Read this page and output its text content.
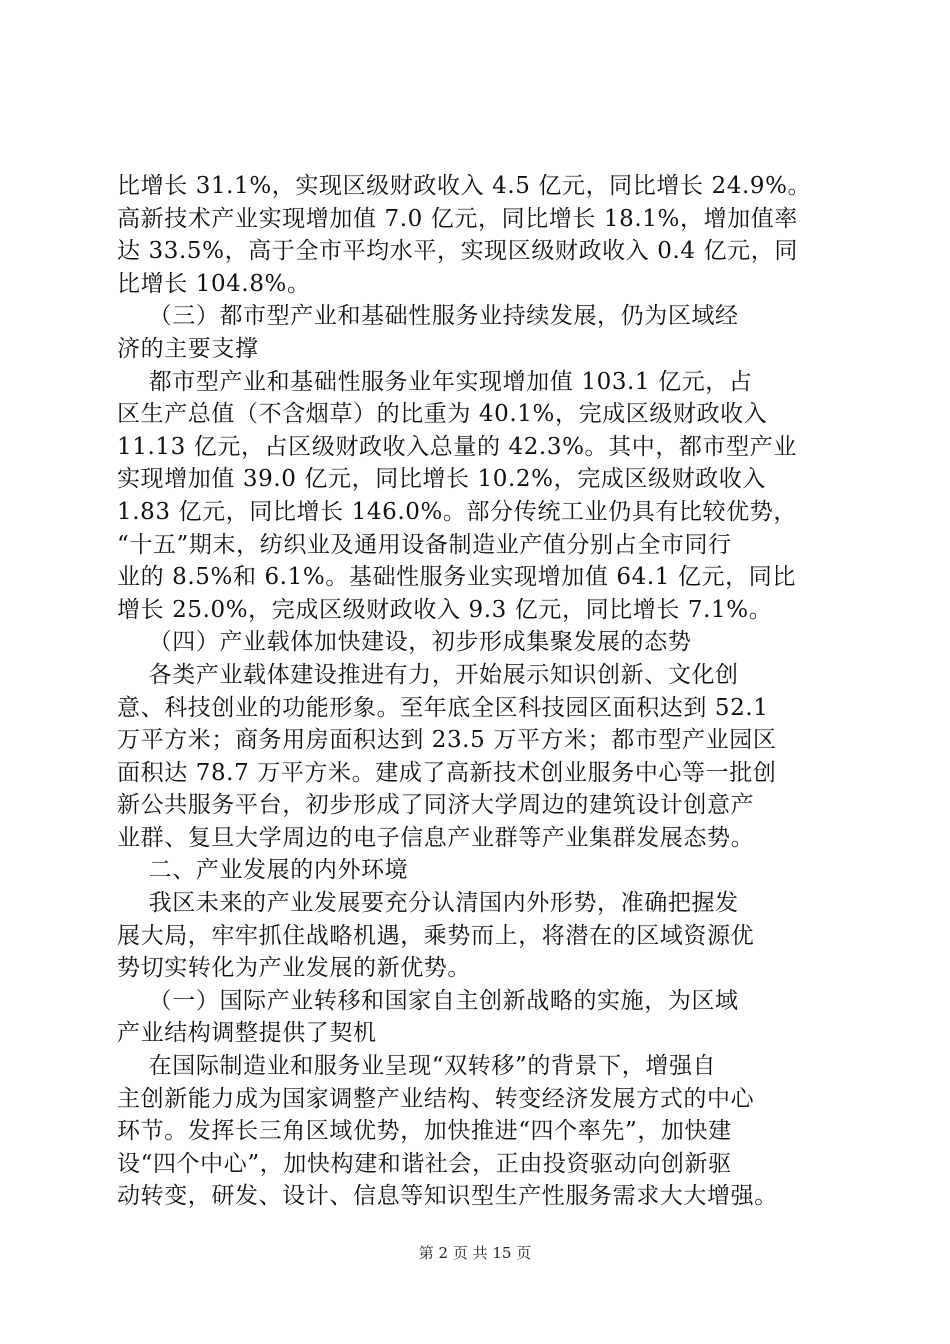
比增长 31.1%，实现区级财政收入 4.5 亿元，同比增长 24.9%。
高新技术产业实现增加值 7.0 亿元，同比增长 18.1%，增加值率
达 33.5%，高于全市平均水平，实现区级财政收入 0.4 亿元，同
比增长 104.8%。
（三）都市型产业和基础性服务业持续发展，仍为区域经
济的主要支撑
都市型产业和基础性服务业年实现增加值 103.1 亿元，占
区生产总值（不含烟草）的比重为 40.1%，完成区级财政收入
11.13 亿元，占区级财政收入总量的 42.3%。其中，都市型产业
实现增加值 39.0 亿元，同比增长 10.2%，完成区级财政收入
1.83 亿元，同比增长 146.0%。部分传统工业仍具有比较优势，
“十五”期末，纺织业及通用设备制造业产值分别占全市同行
业的 8.5%和 6.1%。基础性服务业实现增加值 64.1 亿元，同比
增长 25.0%，完成区级财政收入 9.3 亿元，同比增长 7.1%。
（四）产业载体加快建设，初步形成集聚发展的态势
各类产业载体建设推进有力，开始展示知识创新、文化创
意、科技创业的功能形象。至年底全区科技园区面积达到 52.1
万平方米；商务用房面积达到 23.5 万平方米；都市型产业园区
面积达 78.7 万平方米。建成了高新技术创业服务中心等一批创
新公共服务平台，初步形成了同济大学周边的建筑设计创意产
业群、复旦大学周边的电子信息产业群等产业集群发展态势。
二、产业发展的内外环境
我区未来的产业发展要充分认清国内外形势，准确把握发
展大局，牢牢抓住战略机遇，乘势而上，将潜在的区域资源优
势切实转化为产业发展的新优势。
（一）国际产业转移和国家自主创新战略的实施，为区域
产业结构调整提供了契机
在国际制造业和服务业呈现“双转移”的背景下，增强自
主创新能力成为国家调整产业结构、转变经济发展方式的中心
环节。发挥长三角区域优势，加快推进“四个率先”，加快建
设“四个中心”，加快构建和谐社会，正由投资驱动向创新驱
动转变，研发、设计、信息等知识型生产性服务需求大大增强。
第 2 页 共 15 页
